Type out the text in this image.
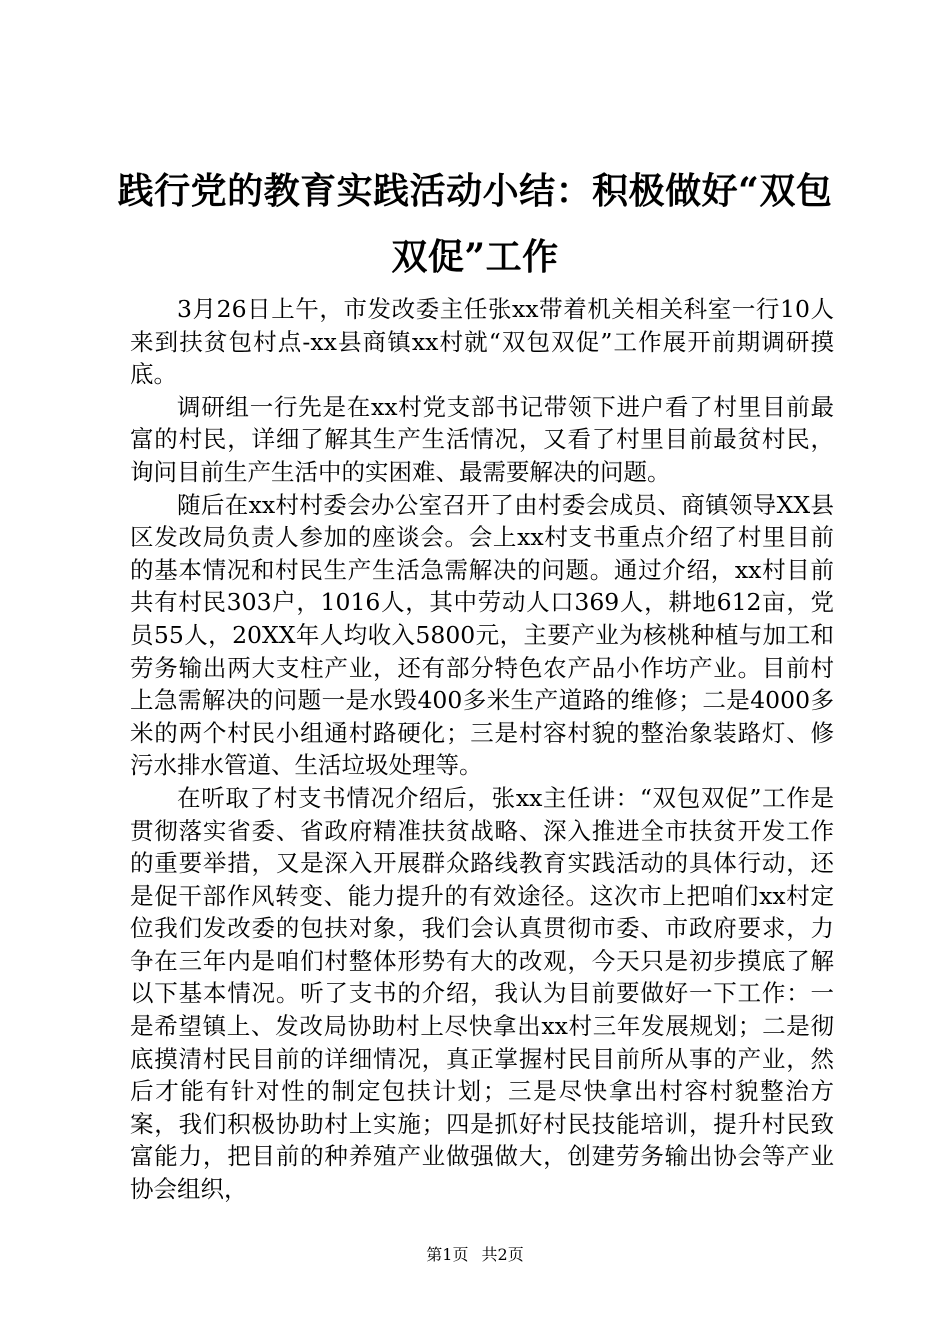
践行党的教育实践活动小结：积极做好“双包双促”工作

3月26日上午，市发改委主任张xx带着机关相关科室一行10人来到扶贫包村点-xx县商镇xx村就“双包双促”工作展开前期调研摸底。

调研组一行先是在xx村党支部书记带领下进户看了村里目前最富的村民，详细了解其生产生活情况，又看了村里目前最贫村民，询问目前生产生活中的实困难、最需要解决的问题。

随后在xx村村委会办公室召开了由村委会成员、商镇领导XX县区发改局负责人参加的座谈会。会上xx村支书重点介绍了村里目前的基本情况和村民生产生活急需解决的问题。通过介绍，xx村目前共有村民303户，1016人，其中劳动人口369人，耕地612亩，党员55人，20XX年人均收入5800元，主要产业为核桃种植与加工和劳务输出两大支柱产业，还有部分特色农产品小作坊产业。目前村上急需解决的问题一是水毁400多米生产道路的维修；二是4000多米的两个村民小组通村路硬化；三是村容村貌的整治象装路灯、修污水排水管道、生活垃圾处理等。

在听取了村支书情况介绍后，张xx主任讲：“双包双促”工作是贯彻落实省委、省政府精准扶贫战略、深入推进全市扶贫开发工作的重要举措，又是深入开展群众路线教育实践活动的具体行动，还是促干部作风转变、能力提升的有效途径。这次市上把咱们xx村定位我们发改委的包扶对象，我们会认真贯彻市委、市政府要求，力争在三年内是咱们村整体形势有大的改观，今天只是初步摸底了解以下基本情况。听了支书的介绍，我认为目前要做好一下工作：一是希望镇上、发改局协助村上尽快拿出xx村三年发展规划；二是彻底摸清村民目前的详细情况，真正掌握村民目前所从事的产业，然后才能有针对性的制定包扶计划；三是尽快拿出村容村貌整治方案，我们积极协助村上实施；四是抓好村民技能培训，提升村民致富能力，把目前的种养殖产业做强做大，创建劳务输出协会等产业协会组织，

第1页 共2页
